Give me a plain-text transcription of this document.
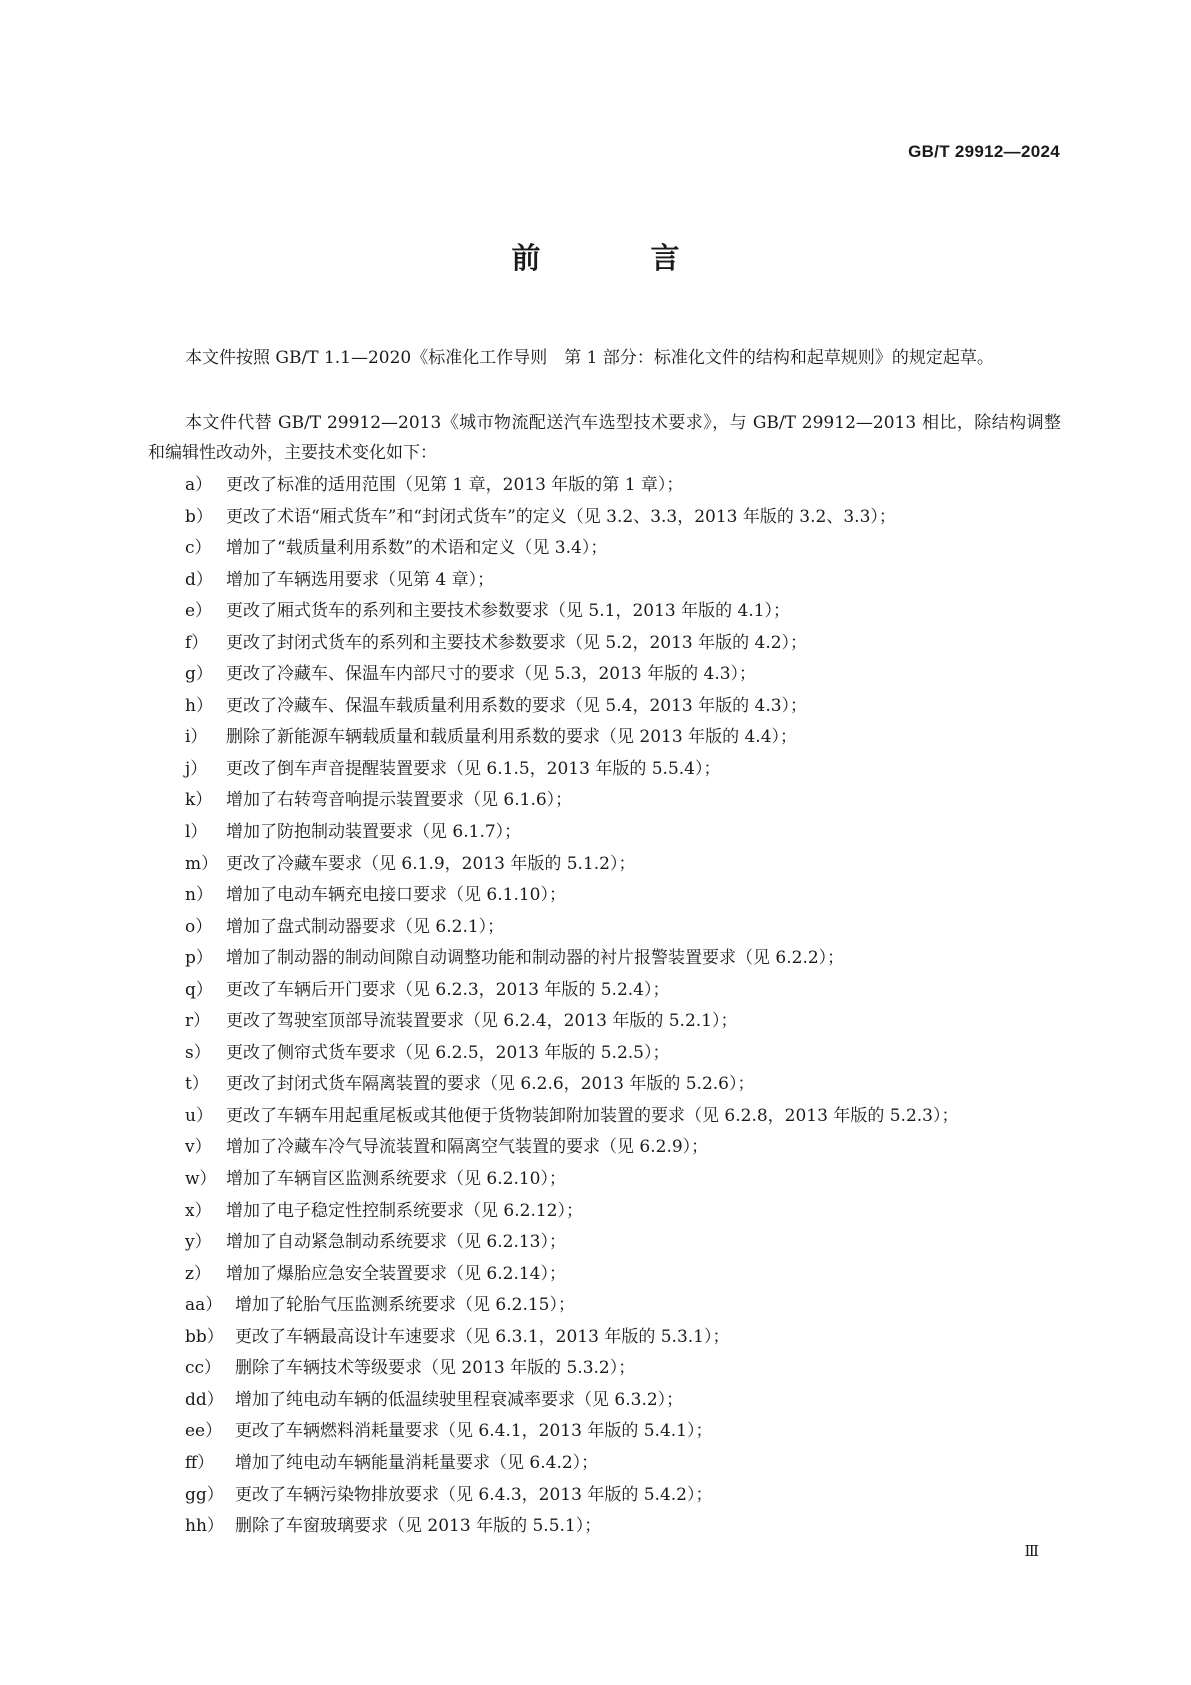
GB/T 29912—2024
前 言

本文件按照 GB/T 1.1—2020《标准化工作导则　第 1 部分：标准化文件的结构和起草规则》的规定起草。

本文件代替 GB/T 29912—2013《城市物流配送汽车选型技术要求》，与 GB/T 29912—2013 相比，除结构调整和编辑性改动外，主要技术变化如下：

a） 更改了标准的适用范围（见第 1 章，2013 年版的第 1 章）；
b） 更改了术语“厢式货车”和“封闭式货车”的定义（见 3.2、3.3，2013 年版的 3.2、3.3）；
c） 增加了“载质量利用系数”的术语和定义（见 3.4）；
d） 增加了车辆选用要求（见第 4 章）；
e） 更改了厢式货车的系列和主要技术参数要求（见 5.1，2013 年版的 4.1）；
f）	更改了封闭式货车的系列和主要技术参数要求（见 5.2，2013 年版的 4.2）；
g） 更改了冷藏车、保温车内部尺寸的要求（见 5.3，2013 年版的 4.3）；
h） 更改了冷藏车、保温车载质量利用系数的要求（见 5.4，2013 年版的 4.3）；
i）	删除了新能源车辆载质量和载质量利用系数的要求（见 2013 年版的 4.4）；
j）	更改了倒车声音提醒装置要求（见 6.1.5，2013 年版的 5.5.4）；
k） 增加了右转弯音响提示装置要求（见 6.1.6）；
l）	增加了防抱制动装置要求（见 6.1.7）；
m） 更改了冷藏车要求（见 6.1.9，2013 年版的 5.1.2）；
n） 增加了电动车辆充电接口要求（见 6.1.10）；
o） 增加了盘式制动器要求（见 6.2.1）；
p） 增加了制动器的制动间隙自动调整功能和制动器的衬片报警装置要求（见 6.2.2）；
q） 更改了车辆后开门要求（见 6.2.3，2013 年版的 5.2.4）；
r） 更改了驾驶室顶部导流装置要求（见 6.2.4，2013 年版的 5.2.1）；
s） 更改了侧帘式货车要求（见 6.2.5，2013 年版的 5.2.5）；
t）	更改了封闭式货车隔离装置的要求（见 6.2.6，2013 年版的 5.2.6）；
u） 更改了车辆车用起重尾板或其他便于货物装卸附加装置的要求（见 6.2.8，2013 年版的 5.2.3）；
v） 增加了冷藏车冷气导流装置和隔离空气装置的要求（见 6.2.9）；
w） 增加了车辆盲区监测系统要求（见 6.2.10）；
x） 增加了电子稳定性控制系统要求（见 6.2.12）；
y） 增加了自动紧急制动系统要求（见 6.2.13）；
z） 增加了爆胎应急安全装置要求（见 6.2.14）；
aa） 增加了轮胎气压监测系统要求（见 6.2.15）；
bb） 更改了车辆最高设计车速要求（见 6.3.1，2013 年版的 5.3.1）；
cc） 删除了车辆技术等级要求（见 2013 年版的 5.3.2）；
dd） 增加了纯电动车辆的低温续驶里程衰减率要求（见 6.3.2）；
ee） 更改了车辆燃料消耗量要求（见 6.4.1，2013 年版的 5.4.1）；
ff）	增加了纯电动车辆能量消耗量要求（见 6.4.2）；
gg） 更改了车辆污染物排放要求（见 6.4.3，2013 年版的 5.4.2）；
hh） 删除了车窗玻璃要求（见 2013 年版的 5.5.1）；
Ⅲ
